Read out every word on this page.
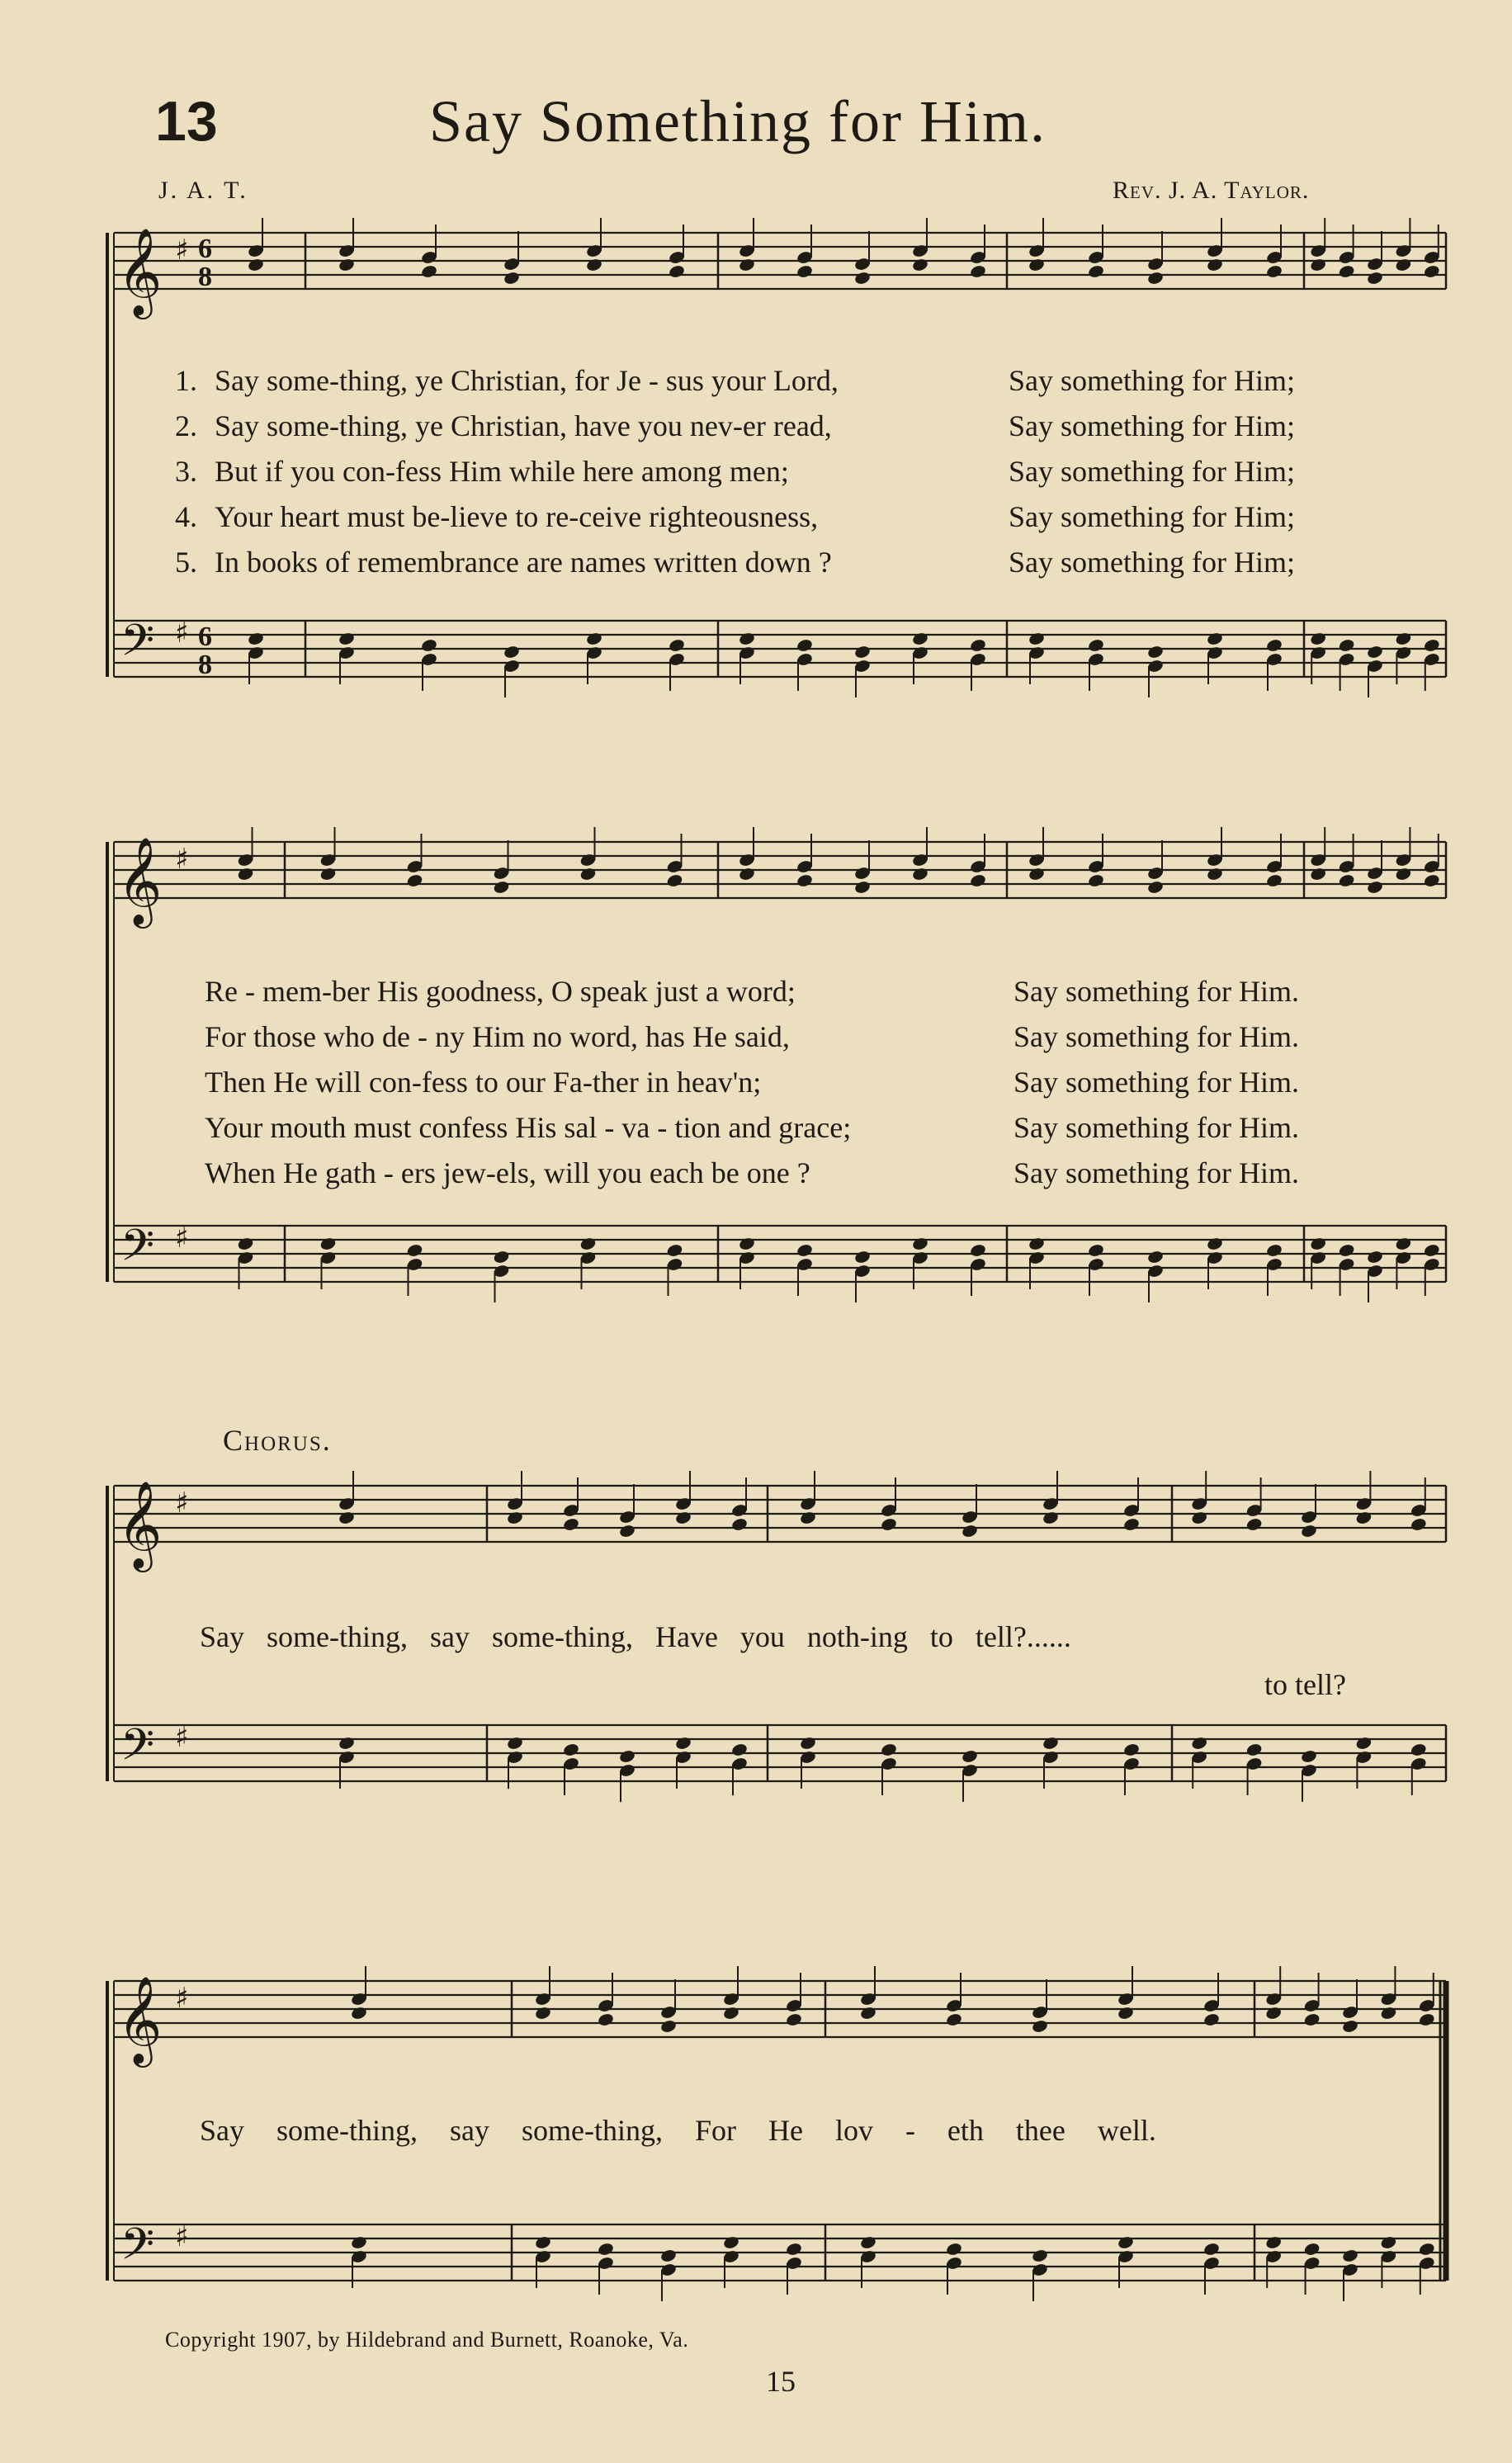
13	Say Something for Him.
J. A. T.	Rev. J. A. Taylor.
𝄞
𝄢
♯
♯
𝄞
𝄢
♯
♯
𝄞
𝄢
♯
♯
𝄞
𝄢
♯
♯
6
8
6
8
1. Say some-thing, ye Christian, for Je - sus your Lord,	Say something for Him;
2. Say some-thing, ye Christian, have you nev-er read,	Say something for Him;
3. But if you con-fess Him while here among men;	Say something for Him;
4. Your heart must be-lieve to re-ceive righteousness,	Say something for Him;
5. In books of remembrance are names written down ?	Say something for Him;
Re - mem-ber His goodness, O speak just a word;	Say something for Him.
For those who de - ny Him no word, has He said,	Say something for Him.
Then He will con-fess to our Fa-ther in heav'n;	Say something for Him.
Your mouth must confess His sal - va - tion and grace;	Say something for Him.
When He gath - ers jew-els, will you each be one ?	Say something for Him.
Chorus.
Say some-thing, say some-thing, Have you noth-ing to tell?......
to tell?
Say some-thing, say some-thing, For He lov - eth thee well.
Copyright 1907, by Hildebrand and Burnett, Roanoke, Va.
15
